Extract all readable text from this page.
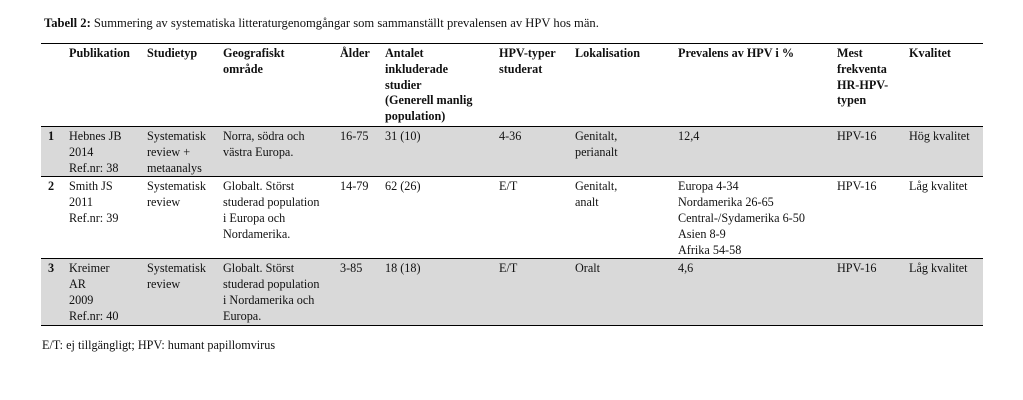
Tabell 2: Summering av systematiska litteraturgenomgångar som sammanställt prevalensen av HPV hos män.

	Publikation	Studietyp	Geografiskt
område	Ålder	Antalet
inkluderade
studier
(Generell manlig
population)	HPV-typer
studerat	Lokalisation	Prevalens av HPV i %	Mest
frekventa
HR-HPV-
typen	Kvalitet

1	Hebnes JB
2014
Ref.nr: 38	Systematisk
review +
metaanalys	Norra, södra och
västra Europa.	16-75	31 (10)	4-36	Genitalt,
perianalt	12,4	HPV-16	Hög kvalitet

2	Smith JS
2011
Ref.nr: 39	Systematisk
review	Globalt. Störst
studerad population
i Europa och
Nordamerika.	14-79	62 (26)	E/T	Genitalt,
analt	Europa 4-34
Nordamerika 26-65
Central-/Sydamerika 6-50
Asien 8-9
Afrika 54-58	HPV-16	Låg kvalitet

3	Kreimer
AR
2009
Ref.nr: 40	Systematisk
review	Globalt. Störst
studerad population
i Nordamerika och
Europa.	3-85	18 (18)	E/T	Oralt	4,6	HPV-16	Låg kvalitet
E/T: ej tillgängligt; HPV: humant papillomvirus
